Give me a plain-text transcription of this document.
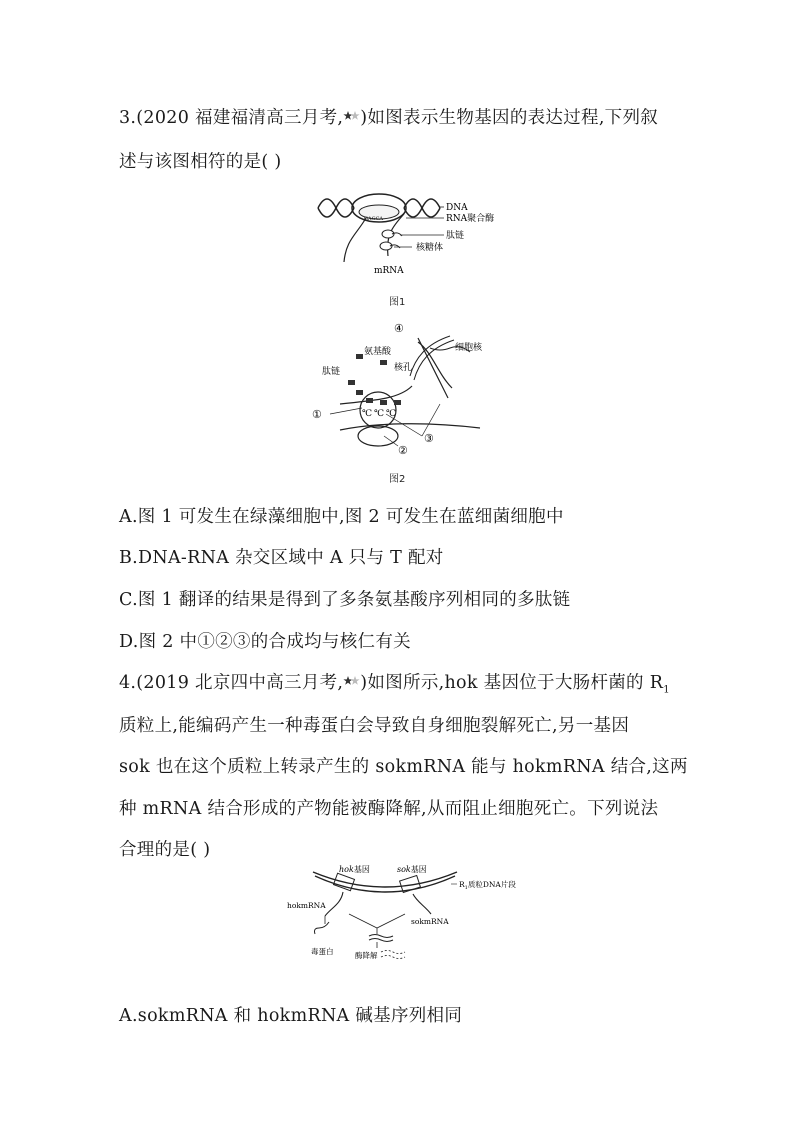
3.(2020 福建福清高三月考, )如图表示生物基因的表达过程,下列叙
述与该图相符的是( )
GAGCA
DNA
RNA聚合酶
肽链
核糖体
mRNA
图1
℃ ℃ ℃
④
细胞核
氨基酸
核孔
肽链
①
③
②
图2
A.图 1 可发生在绿藻细胞中,图 2 可发生在蓝细菌细胞中
B.DNA-RNA 杂交区域中 A 只与 T 配对
C.图 1 翻译的结果是得到了多条氨基酸序列相同的多肽链
D.图 2 中①②③的合成均与核仁有关
4.(2019 北京四中高三月考, )如图所示,hok 基因位于大肠杆菌的 $R_1$
质粒上,能编码产生一种毒蛋白会导致自身细胞裂解死亡,另一基因
sok 也在这个质粒上转录产生的 sokmRNA 能与 hokmRNA 结合,这两
种 mRNA 结合形成的产物能被酶降解,从而阻止细胞死亡。下列说法
合理的是( )
hok基因	sok基因
$R_1$质粒DNA片段
hokmRNA
sokmRNA
毒蛋白	酶降解
A.sokmRNA 和 hokmRNA 碱基序列相同
